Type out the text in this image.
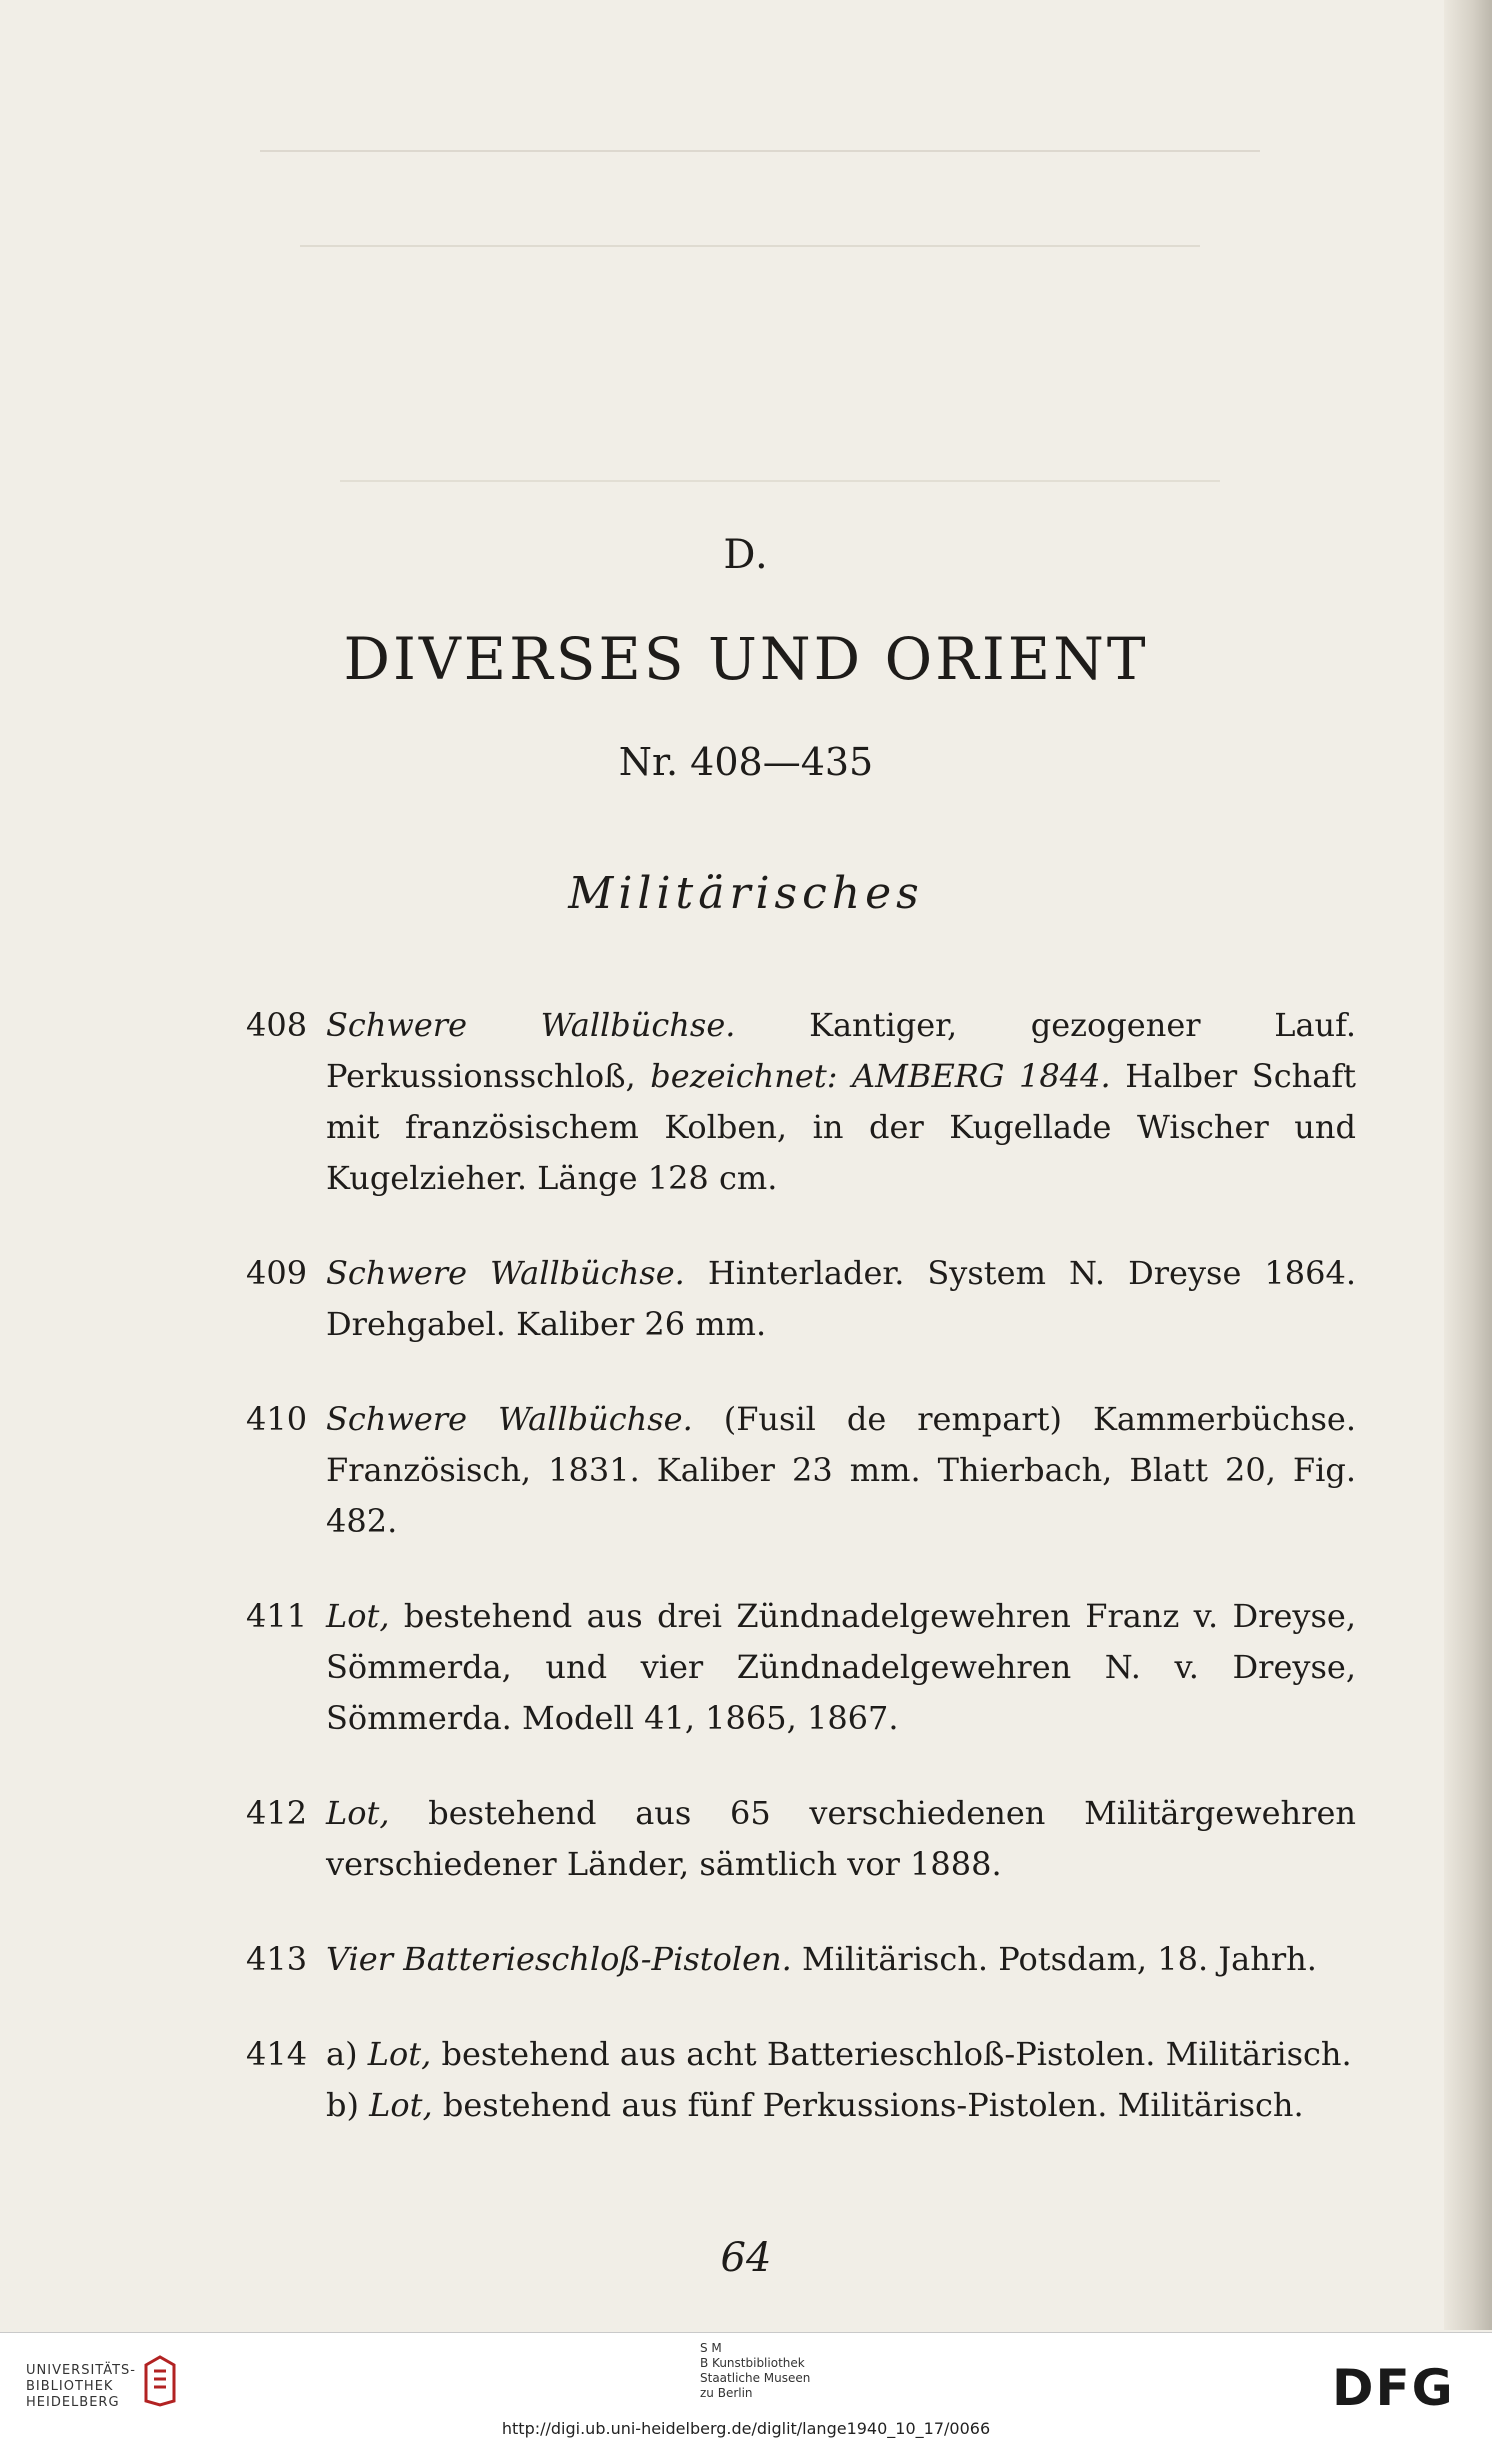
D.
DIVERSES UND ORIENT
Nr. 408—435
Militärisches
408 Schwere Wallbüchse. Kantiger, gezogener Lauf. Perkussionsschloß, bezeichnet: AMBERG 1844. Halber Schaft mit französischem Kolben, in der Kugellade Wischer und Kugelzieher. Länge 128 cm.
409 Schwere Wallbüchse. Hinterlader. System N. Dreyse 1864. Drehgabel. Kaliber 26 mm.
410 Schwere Wallbüchse. (Fusil de rempart) Kammerbüchse. Französisch, 1831. Kaliber 23 mm. Thierbach, Blatt 20, Fig. 482.
411 Lot, bestehend aus drei Zündnadelgewehren Franz v. Dreyse, Sömmerda, und vier Zündnadelgewehren N. v. Dreyse, Sömmerda. Modell 41, 1865, 1867.
412 Lot, bestehend aus 65 verschiedenen Militärgewehren verschiedener Länder, sämtlich vor 1888.
413 Vier Batterieschloß-Pistolen. Militärisch. Potsdam, 18. Jahrh.
414 a) Lot, bestehend aus acht Batterieschloß-Pistolen. Militärisch.
b) Lot, bestehend aus fünf Perkussions-Pistolen. Militärisch.
64
UNIVERSITÄTS-
BIBLIOTHEK
HEIDELBERG
S M
B Kunstbibliothek
Staatliche Museen
zu Berlin	DFG
http://digi.ub.uni-heidelberg.de/diglit/lange1940_10_17/0066
